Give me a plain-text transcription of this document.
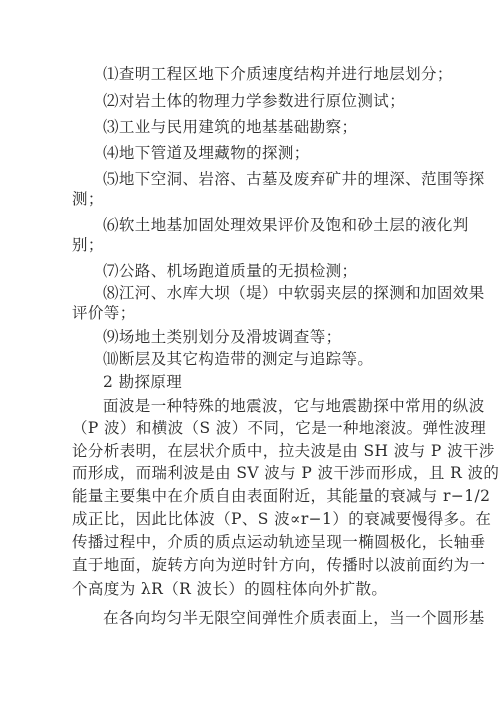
⑴查明工程区地下介质速度结构并进行地层划分；
⑵对岩土体的物理力学参数进行原位测试；
⑶工业与民用建筑的地基基础勘察；
⑷地下管道及埋藏物的探测；
⑸地下空洞、岩溶、古墓及废弃矿井的埋深、范围等探
测；
⑹软土地基加固处理效果评价及饱和砂土层的液化判
别；
⑺公路、机场跑道质量的无损检测；
⑻江河、水库大坝（堤）中软弱夹层的探测和加固效果
评价等；
⑼场地土类别划分及滑坡调查等；
⑽断层及其它构造带的测定与追踪等。
2 勘探原理
面波是一种特殊的地震波，它与地震勘探中常用的纵波
（P 波）和横波（S 波）不同，它是一种地滚波。弹性波理
论分析表明，在层状介质中，拉夫波是由 SH 波与 P 波干涉
而形成，而瑞利波是由 SV 波与 P 波干涉而形成，且 R 波的
能量主要集中在介质自由表面附近，其能量的衰减与 r−1/2
成正比，因此比体波（P、S 波∝r−1）的衰减要慢得多。在
传播过程中，介质的质点运动轨迹呈现一椭圆极化，长轴垂
直于地面，旋转方向为逆时针方向，传播时以波前面约为一
个高度为 λR（R 波长）的圆柱体向外扩散。
在各向均匀半无限空间弹性介质表面上，当一个圆形基
